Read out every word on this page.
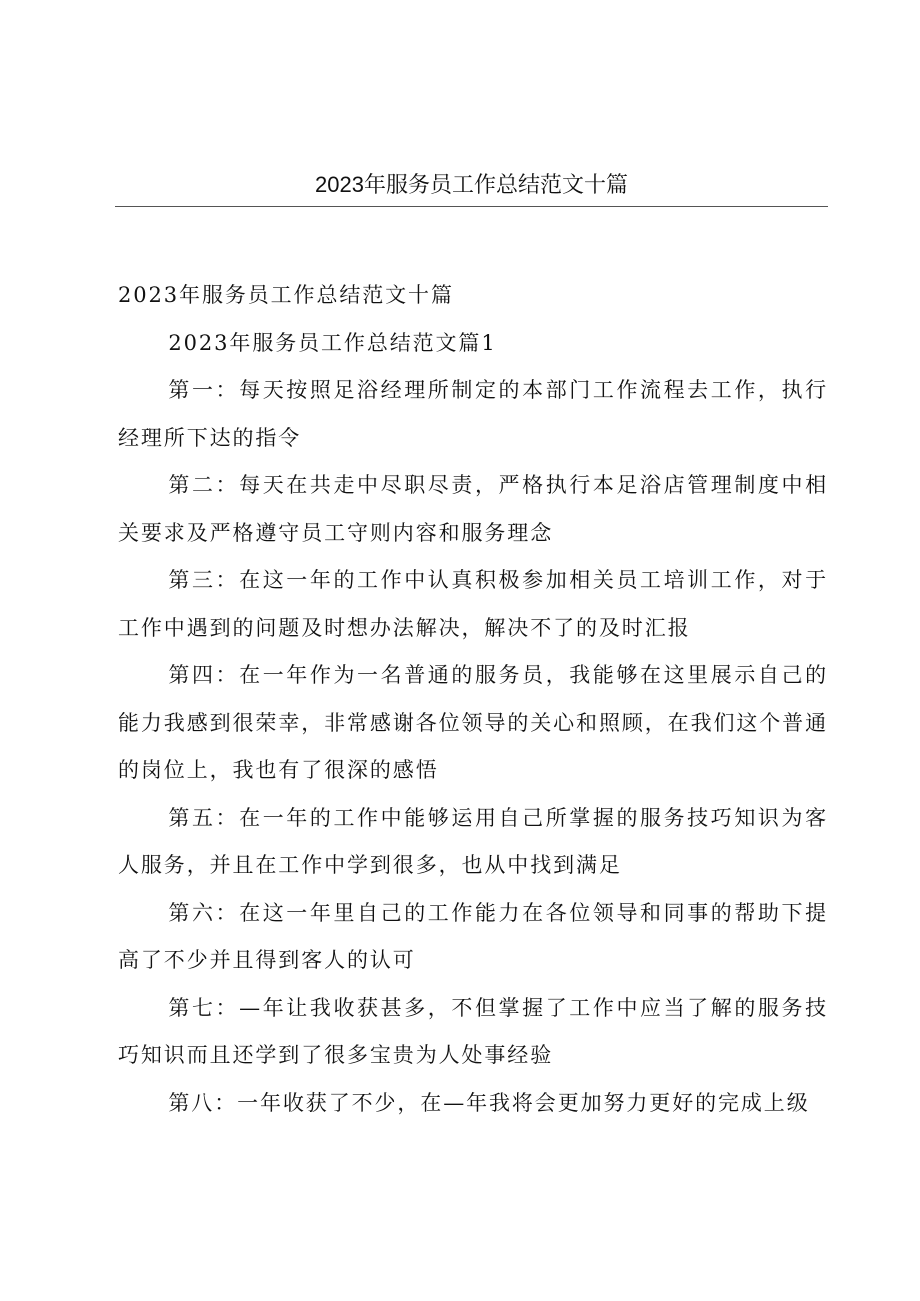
2023年服务员工作总结范文十篇

2023年服务员工作总结范文十篇

2023年服务员工作总结范文篇1

第一：每天按照足浴经理所制定的本部门工作流程去工作，执行经理所下达的指令

第二：每天在共走中尽职尽责，严格执行本足浴店管理制度中相关要求及严格遵守员工守则内容和服务理念

第三：在这一年的工作中认真积极参加相关员工培训工作，对于工作中遇到的问题及时想办法解决，解决不了的及时汇报

第四：在一年作为一名普通的服务员，我能够在这里展示自己的能力我感到很荣幸，非常感谢各位领导的关心和照顾，在我们这个普通的岗位上，我也有了很深的感悟

第五：在一年的工作中能够运用自己所掌握的服务技巧知识为客人服务，并且在工作中学到很多，也从中找到满足

第六：在这一年里自己的工作能力在各位领导和同事的帮助下提高了不少并且得到客人的认可

第七：—年让我收获甚多，不但掌握了工作中应当了解的服务技巧知识而且还学到了很多宝贵为人处事经验

第八：一年收获了不少，在—年我将会更加努力更好的完成上级
